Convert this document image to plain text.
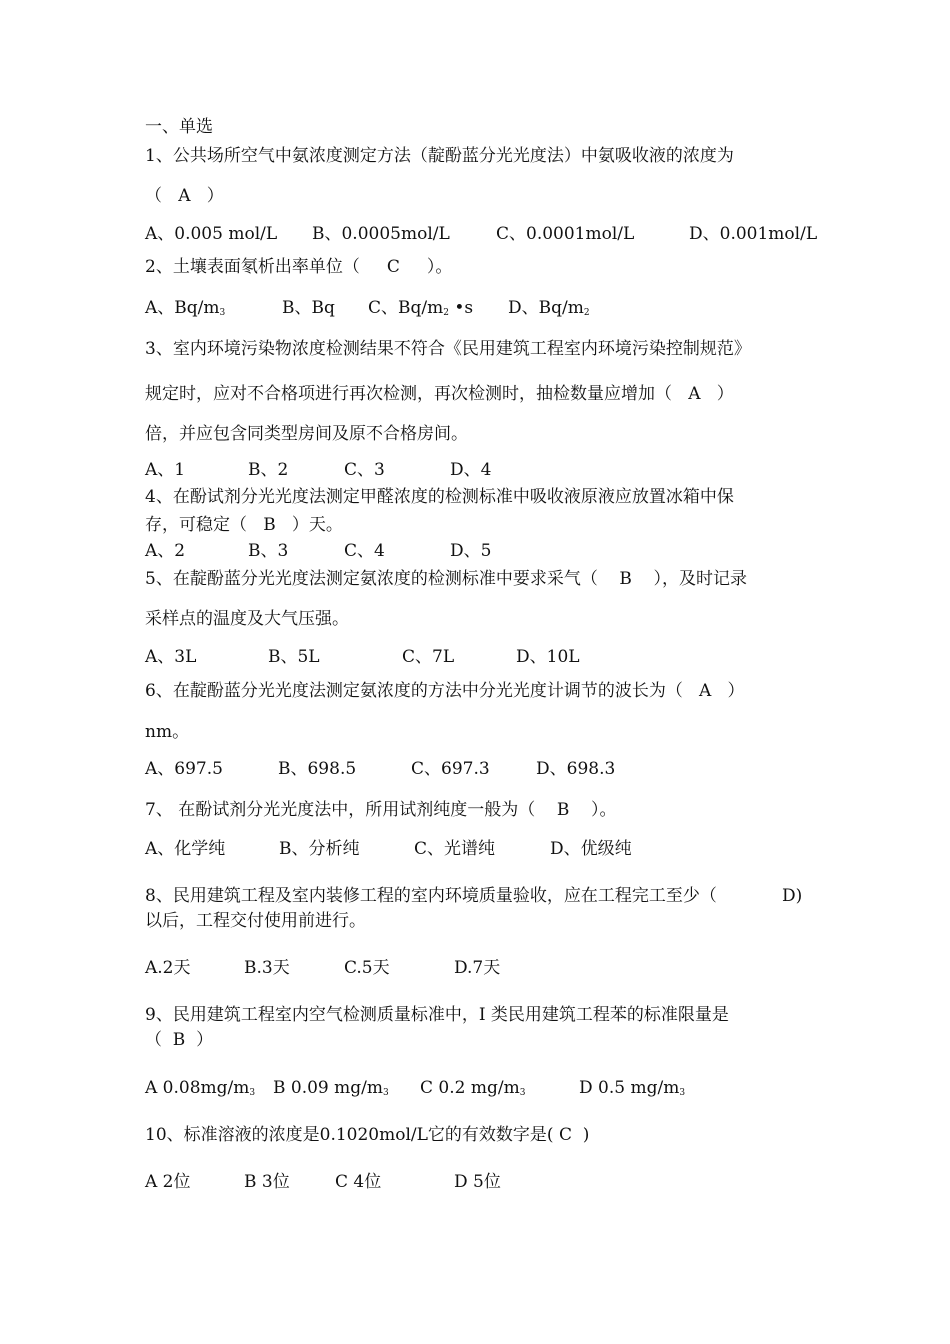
一、单选
1、公共场所空气中氨浓度测定方法（靛酚蓝分光光度法）中氨吸收液的浓度为
（   A   ）
A、0.005 mol/L B、0.0005mol/L	C、0.0001mol/L	D、0.001mol/L
2、土壤表面氡析出率单位（     C     ）。
A、$Bq/m_3$	B、Bq C、$Bq/m_2$ •s D、$Bq/m_2$
3、室内环境污染物浓度检测结果不符合《民用建筑工程室内环境污染控制规范》
规定时，应对不合格项进行再次检测，再次检测时，抽检数量应增加（   A   ）
倍，并应包含同类型房间及原不合格房间。
A、1	B、2	C、3	D、4
4、在酚试剂分光光度法测定甲醛浓度的检测标准中吸收液原液应放置冰箱中保
存，可稳定（   B   ）天。
A、2	B、3	C、4	D、5
5、在靛酚蓝分光光度法测定氨浓度的检测标准中要求采气（    B    ），及时记录
采样点的温度及大气压强。
A、3L	B、5L	C、7L	D、10L
6、在靛酚蓝分光光度法测定氨浓度的方法中分光光度计调节的波长为（   A   ）
nm。
A、697.5	B、698.5	C、697.3	D、698.3
7、 在酚试剂分光光度法中，所用试剂纯度一般为（    B    ）。
A、化学纯	B、分析纯	C、光谱纯	D、优级纯
8、民用建筑工程及室内装修工程的室内环境质量验收，应在工程完工至少（	D)
以后，工程交付使用前进行。
A.2天	B.3天	C.5天	D.7天
9、民用建筑工程室内空气检测质量标准中，I 类民用建筑工程苯的标准限量是
（  B  ）
A $0.08mg/m_3$ B 0.09 $mg/m_3$ C 0.2 $mg/m_3$	D 0.5 $mg/m_3$
10、标准溶液的浓度是0.1020mol/L它的有效数字是( C  )
A 2位	B 3位	C 4位	D 5位
